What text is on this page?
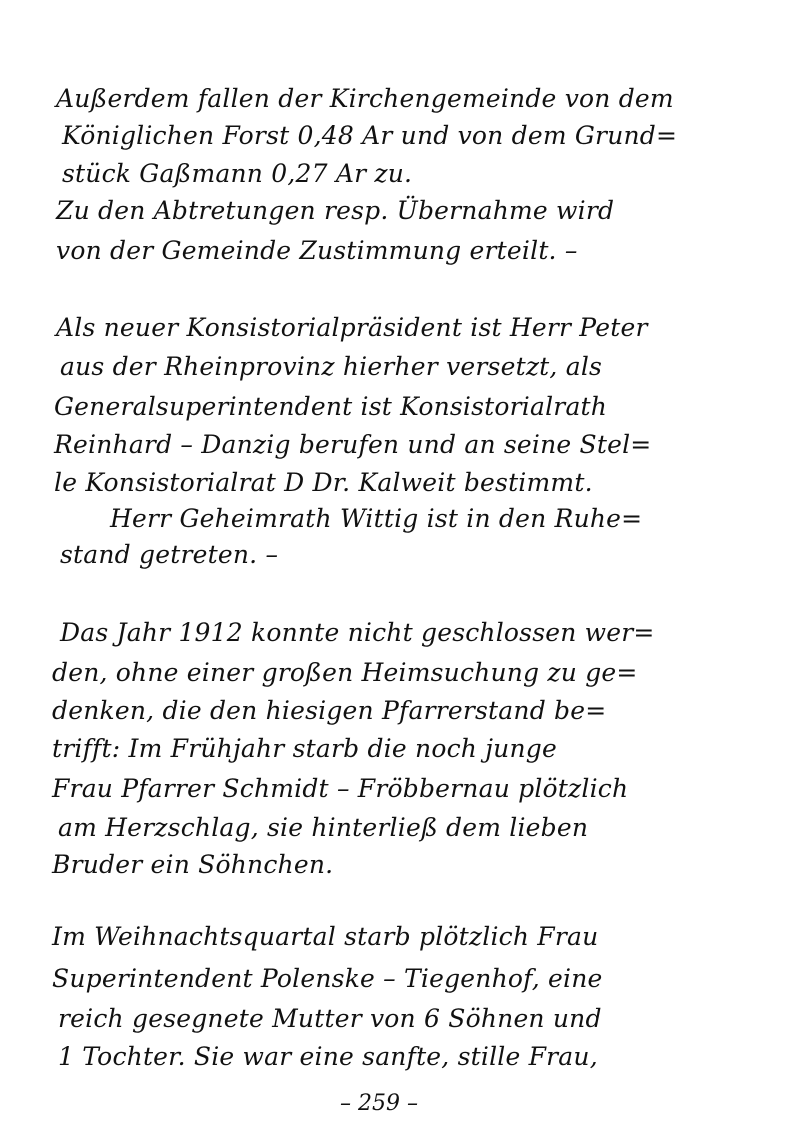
Außerdem fallen der Kirchengemeinde von dem

Königlichen Forst 0,48 Ar und von dem Grund=

stück Gaßmann 0,27 Ar zu.

Zu den Abtretungen resp. Übernahme wird

von der Gemeinde Zustimmung erteilt. –

Als neuer Konsistorialpräsident ist Herr Peter

aus der Rheinprovinz hierher versetzt, als

Generalsuperintendent ist Konsistorialrath

Reinhard – Danzig berufen und an seine Stel=

le Konsistorialrat D Dr. Kalweit bestimmt.

Herr Geheimrath Wittig ist in den Ruhe=

stand getreten. –

Das Jahr 1912 konnte nicht geschlossen wer=

den, ohne einer großen Heimsuchung zu ge=

denken, die den hiesigen Pfarrerstand be=

trifft: Im Frühjahr starb die noch junge

Frau Pfarrer Schmidt – Fröbbernau plötzlich

am Herzschlag, sie hinterließ dem lieben

Bruder ein Söhnchen.

Im Weihnachtsquartal starb plötzlich Frau

Superintendent Polenske – Tiegenhof, eine

reich gesegnete Mutter von 6 Söhnen und

1 Tochter. Sie war eine sanfte, stille Frau,

– 259 –
